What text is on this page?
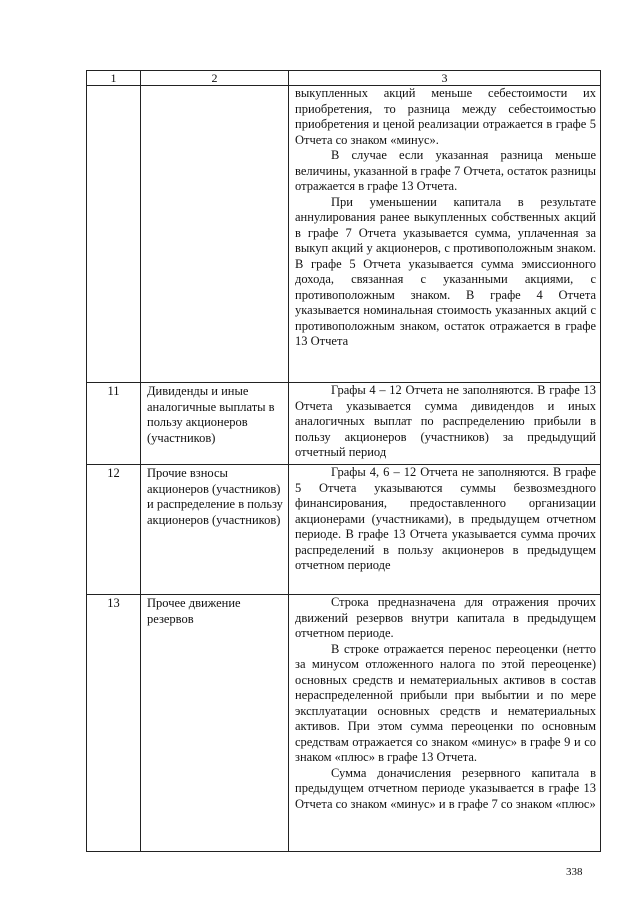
1	2	3

		выкупленных акций меньше себестоимости их приобретения, то разница между себестоимостью приобретения и ценой реализации отражается в графе 5 Отчета со знаком «минус».

В случае если указанная разница меньше величины, указанной в графе 7 Отчета, остаток разницы отражается в графе 13 Отчета.

При уменьшении капитала в результате аннулирования ранее выкупленных собственных акций в графе 7 Отчета указывается сумма, уплаченная за выкуп акций у акционеров, с противоположным знаком. В графе 5 Отчета указывается сумма эмиссионного дохода, связанная с указанными акциями, с противоположным знаком. В графе 4 Отчета указывается номинальная стоимость указанных акций с противоположным знаком, остаток отражается в графе 13 Отчета

11	Дивиденды и иные аналогичные выплаты в пользу акционеров (участников)	Графы 4 – 12 Отчета не заполняются. В графе 13 Отчета указывается сумма дивидендов и иных аналогичных выплат по распределению прибыли в пользу акционеров (участников) за предыдущий отчетный период

12	Прочие взносы акционеров (участников) и распределение в пользу акционеров (участников)	Графы 4, 6 – 12 Отчета не заполняются. В графе 5 Отчета указываются суммы безвозмездного финансирования, предоставленного организации акционерами (участниками), в предыдущем отчетном периоде. В графе 13 Отчета указывается сумма прочих распределений в пользу акционеров в предыдущем отчетном периоде

13	Прочее движение резервов	Строка предназначена для отражения прочих движений резервов внутри капитала в предыдущем отчетном периоде.

В строке отражается перенос переоценки (нетто за минусом отложенного налога по этой переоценке) основных средств и нематериальных активов в состав нераспределенной прибыли при выбытии и по мере эксплуатации основных средств и нематериальных активов. При этом сумма переоценки по основным средствам отражается со знаком «минус» в графе 9 и со знаком «плюс» в графе 13 Отчета.

Сумма доначисления резервного капитала в предыдущем отчетном периоде указывается в графе 13 Отчета со знаком «минус» и в графе 7 со знаком «плюс»

338
